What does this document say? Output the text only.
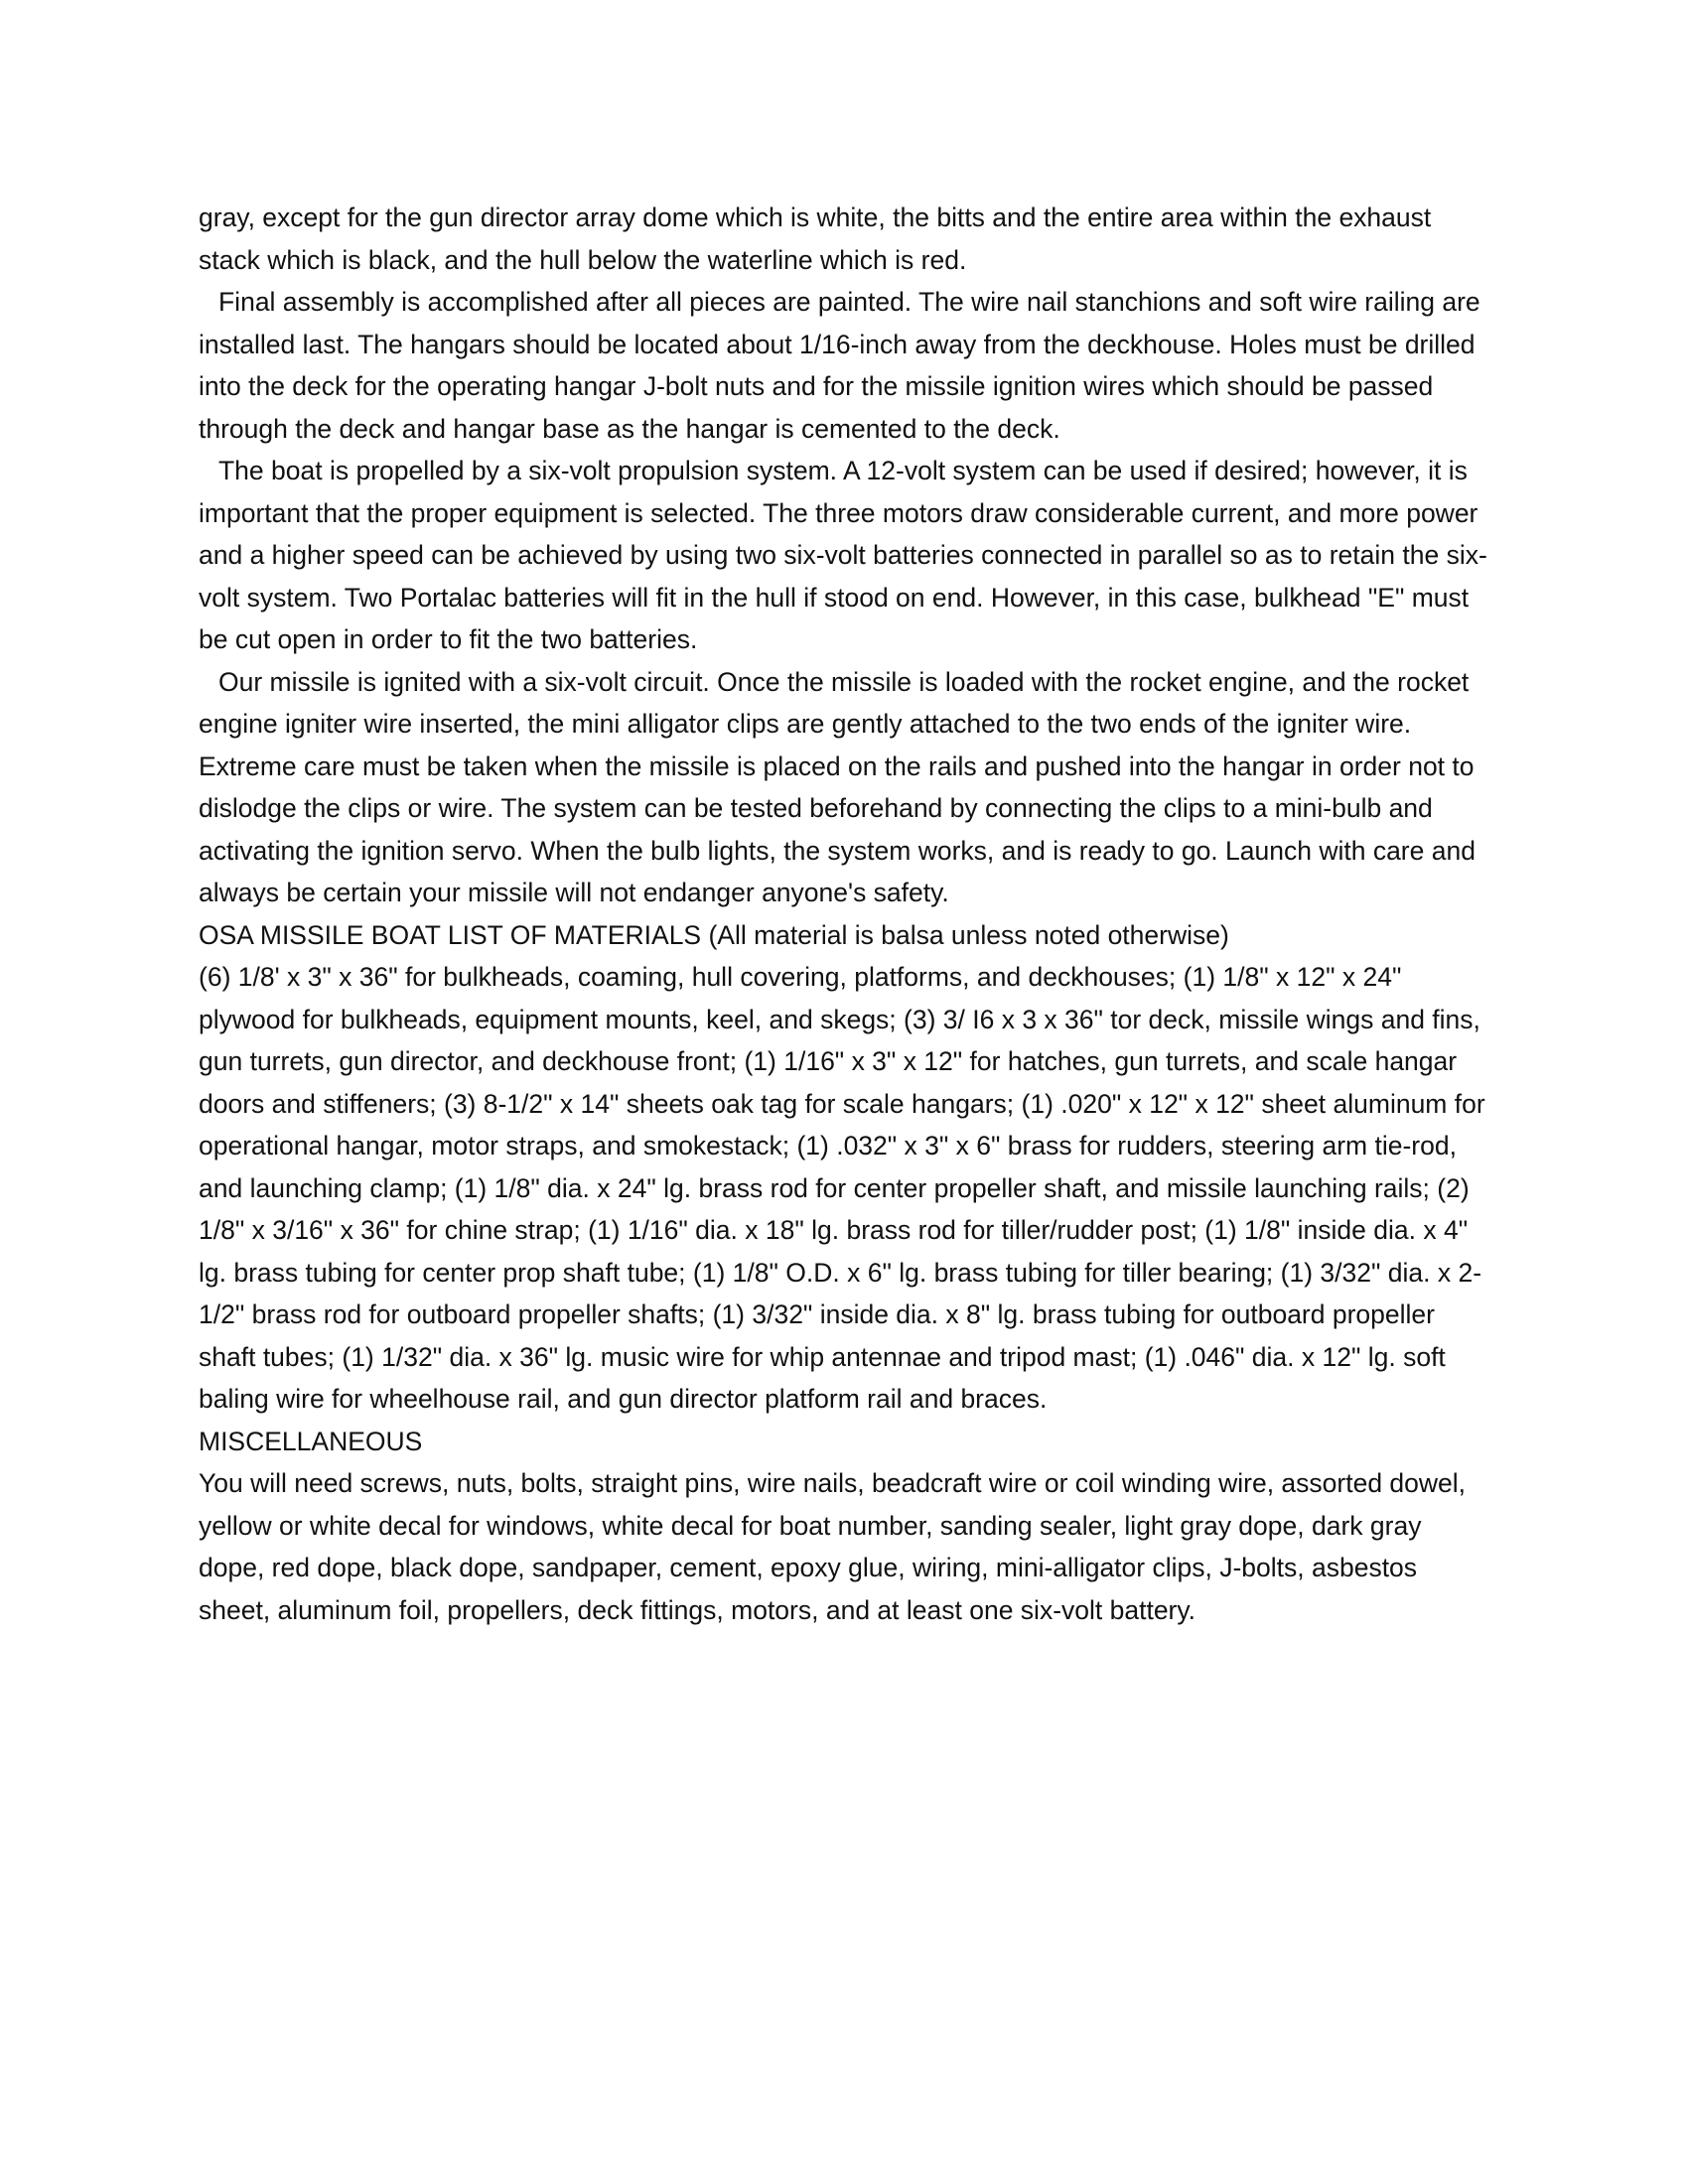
gray, except for the gun director array dome which is white, the bitts and the entire area within the exhaust stack which is black, and the hull below the waterline which is red.

Final assembly is accomplished after all pieces are painted. The wire nail stanchions and soft wire railing are installed last. The hangars should be located about 1/16-inch away from the deckhouse. Holes must be drilled into the deck for the operating hangar J-bolt nuts and for the missile ignition wires which should be passed through the deck and hangar base as the hangar is cemented to the deck.

The boat is propelled by a six-volt propulsion system. A 12-volt system can be used if desired; however, it is important that the proper equipment is selected. The three motors draw considerable current, and more power and a higher speed can be achieved by using two six-volt batteries connected in parallel so as to retain the six-volt system. Two Portalac batteries will fit in the hull if stood on end. However, in this case, bulkhead "E" must be cut open in order to fit the two batteries.

Our missile is ignited with a six-volt circuit. Once the missile is loaded with the rocket engine, and the rocket engine igniter wire inserted, the mini alligator clips are gently attached to the two ends of the igniter wire. Extreme care must be taken when the missile is placed on the rails and pushed into the hangar in order not to dislodge the clips or wire. The system can be tested beforehand by connecting the clips to a mini-bulb and activating the ignition servo. When the bulb lights, the system works, and is ready to go. Launch with care and always be certain your missile will not endanger anyone's safety.

OSA MISSILE BOAT LIST OF MATERIALS (All material is balsa unless noted otherwise)

(6) 1/8' x 3" x 36" for bulkheads, coaming, hull covering, platforms, and deckhouses; (1) 1/8" x 12" x 24" plywood for bulkheads, equipment mounts, keel, and skegs; (3) 3/ I6 x 3 x 36" tor deck, missile wings and fins, gun turrets, gun director, and deckhouse front; (1) 1/16" x 3" x 12" for hatches, gun turrets, and scale hangar doors and stiffeners; (3) 8-1/2" x 14" sheets oak tag for scale hangars; (1) .020" x 12" x 12" sheet aluminum for operational hangar, motor straps, and smokestack; (1) .032" x 3" x 6" brass for rudders, steering arm tie-rod, and launching clamp; (1) 1/8" dia. x 24" lg. brass rod for center propeller shaft, and missile launching rails; (2) 1/8" x 3/16" x 36" for chine strap; (1) 1/16" dia. x 18" lg. brass rod for tiller/rudder post; (1) 1/8" inside dia. x 4" lg. brass tubing for center prop shaft tube; (1) 1/8" O.D. x 6" lg. brass tubing for tiller bearing; (1) 3/32" dia. x 2-1/2" brass rod for outboard propeller shafts; (1) 3/32" inside dia. x 8" lg. brass tubing for outboard propeller shaft tubes; (1) 1/32" dia. x 36" lg. music wire for whip antennae and tripod mast; (1) .046" dia. x 12" lg. soft baling wire for wheelhouse rail, and gun director platform rail and braces.

MISCELLANEOUS

You will need screws, nuts, bolts, straight pins, wire nails, beadcraft wire or coil winding wire, assorted dowel, yellow or white decal for windows, white decal for boat number, sanding sealer, light gray dope, dark gray dope, red dope, black dope, sandpaper, cement, epoxy glue, wiring, mini-alligator clips, J-bolts, asbestos sheet, aluminum foil, propellers, deck fittings, motors, and at least one six-volt battery.
